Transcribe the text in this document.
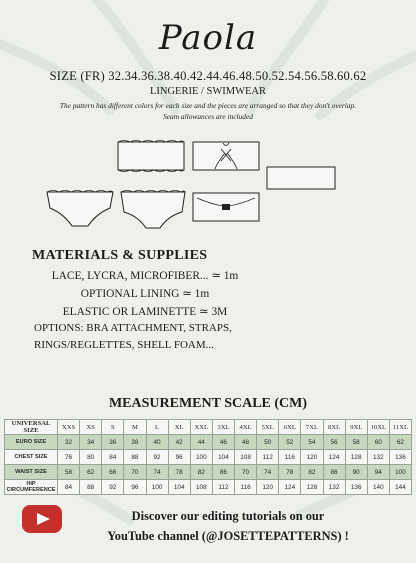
Paola
SIZE (FR) 32.34.36.38.40.42.44.46.48.50.52.54.56.58.60.62
LINGERIE / SWIMWEAR
The pattern has different colors for each size and the pieces are arranged so that they don't overlap.
Seam allowances are included
MATERIALS & SUPPLIES
LACE, LYCRA, MICROFIBER... ≃ 1m
OPTIONAL LINING ≃ 1m
ELASTIC OR LAMINETTE ≃ 3M
OPTIONS: BRA ATTACHMENT, STRAPS,
RINGS/REGLETTES, SHELL FOAM...
MEASUREMENT SCALE (CM)
UNIVERSAL SIZE	XXS	XS	S	M	L	XL	XXL	3XL	4XL	5XL	6XL	7XL	8XL	9XL	10XL	11XL
EURO SIZE	32	34	36	38	40	42	44	46	48	50	52	54	56	58	60	62
CHEST SIZE	76	80	84	88	92	96	100	104	108	112	116	120	124	128	132	136
WAIST SIZE	58	62	66	70	74	78	82	86	70	74	78	82	86	90	94	100
HIP CIRCUMFERENCE	84	88	92	96	100	104	108	112	116	120	124	128	132	136	140	144
Discover our editing tutorials on our
YouTube channel (@JOSETTEPATTERNS) !
